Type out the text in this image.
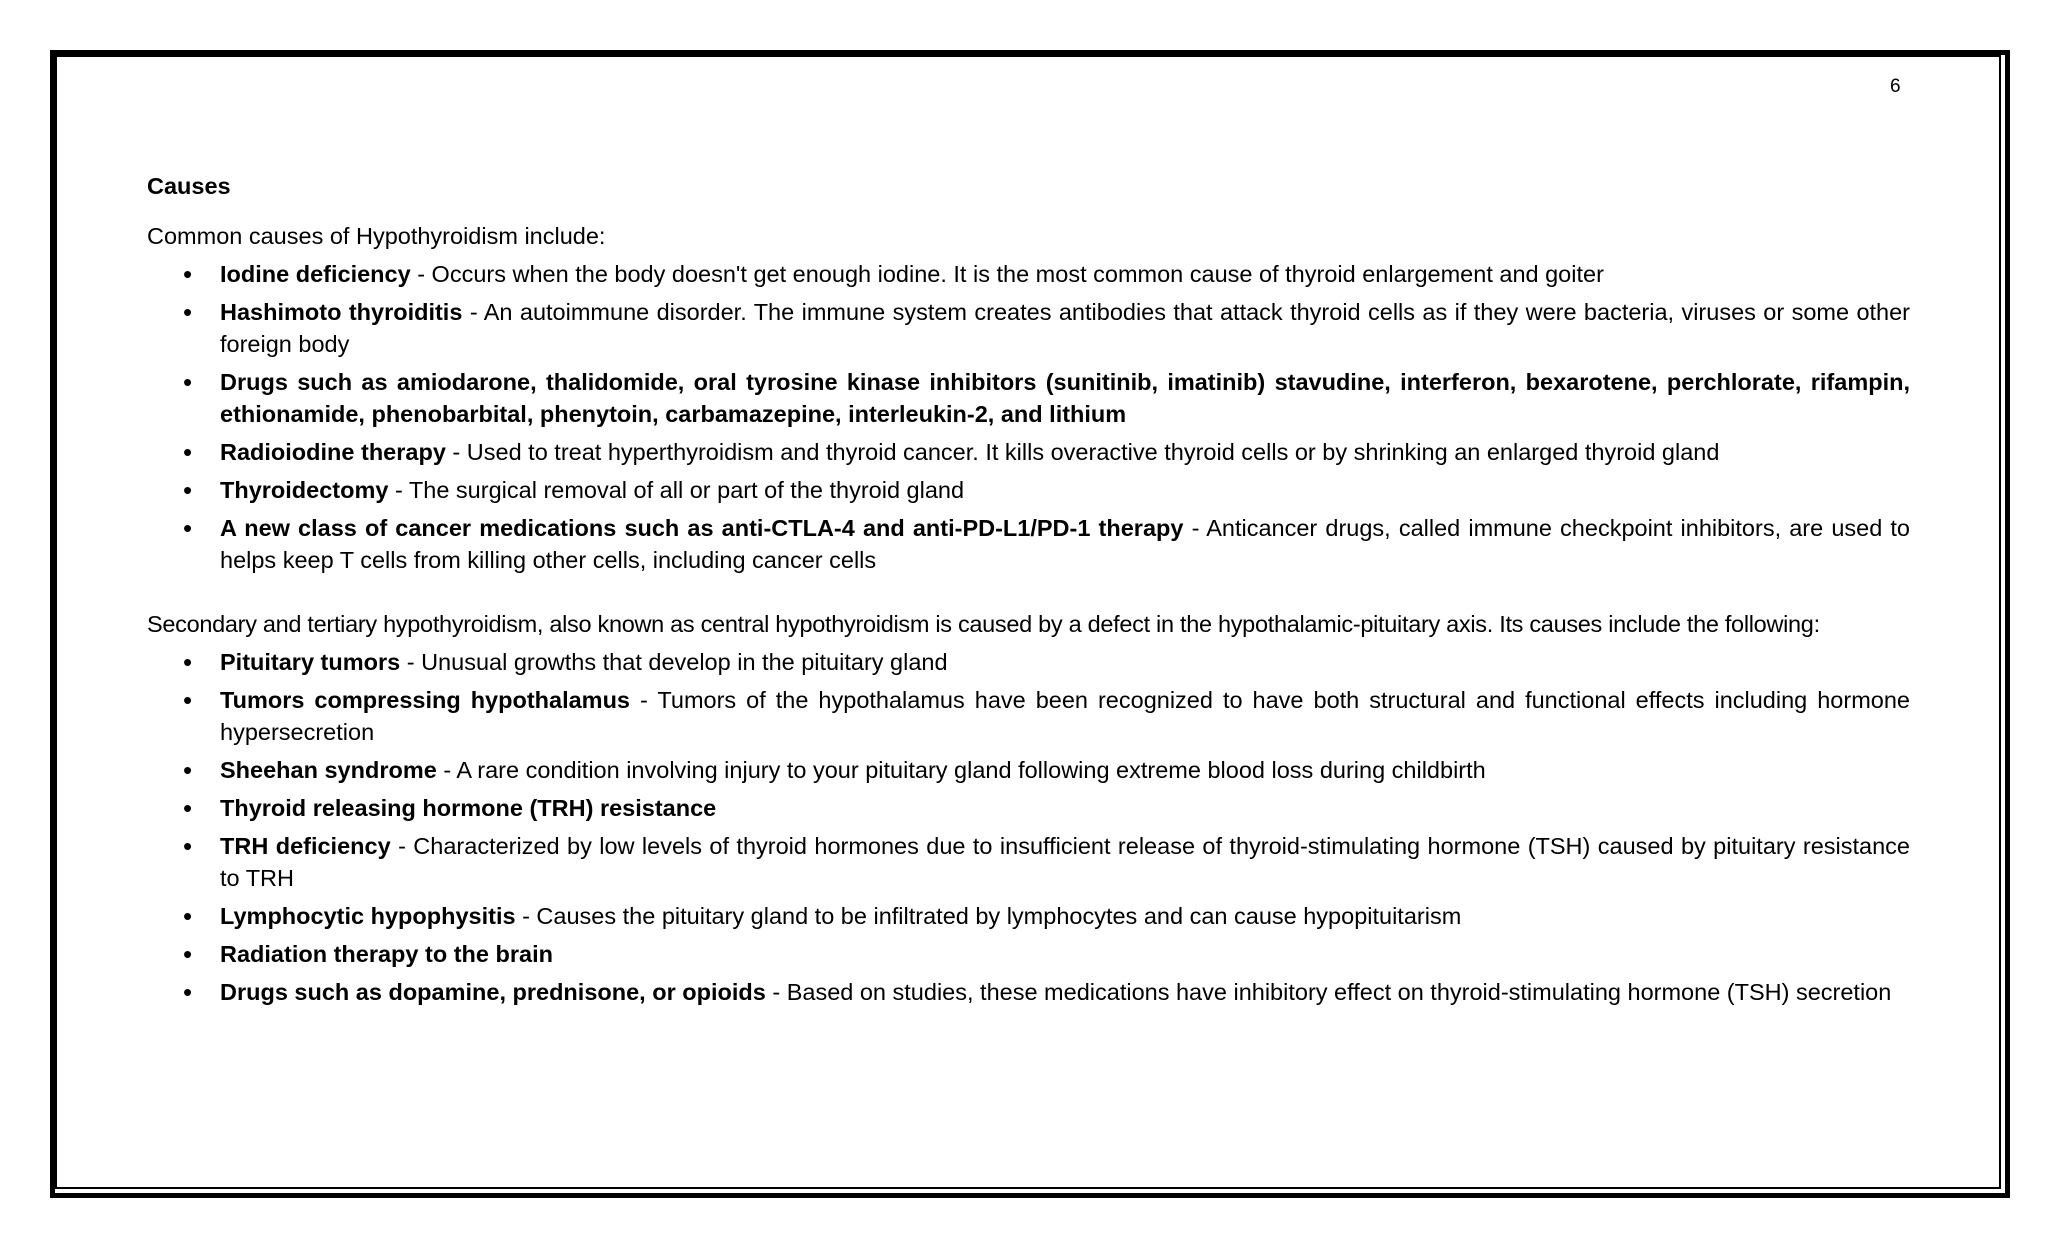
6
Causes
Common causes of Hypothyroidism include:
• Iodine deficiency - Occurs when the body doesn't get enough iodine. It is the most common cause of thyroid enlargement and goiter
• Hashimoto thyroiditis - An autoimmune disorder. The immune system creates antibodies that attack thyroid cells as if they were bacteria, viruses or some other foreign body
• Drugs such as amiodarone, thalidomide, oral tyrosine kinase inhibitors (sunitinib, imatinib) stavudine, interferon, bexarotene, perchlorate, rifampin, ethionamide, phenobarbital, phenytoin, carbamazepine, interleukin-2, and lithium
• Radioiodine therapy - Used to treat hyperthyroidism and thyroid cancer. It kills overactive thyroid cells or by shrinking an enlarged thyroid gland
• Thyroidectomy - The surgical removal of all or part of the thyroid gland
• A new class of cancer medications such as anti-CTLA-4 and anti-PD-L1/PD-1 therapy - Anticancer drugs, called immune checkpoint inhibitors, are used to helps keep T cells from killing other cells, including cancer cells
Secondary and tertiary hypothyroidism, also known as central hypothyroidism is caused by a defect in the hypothalamic-pituitary axis. Its causes include the following:
• Pituitary tumors - Unusual growths that develop in the pituitary gland
• Tumors compressing hypothalamus - Tumors of the hypothalamus have been recognized to have both structural and functional effects including hormone hypersecretion
• Sheehan syndrome - A rare condition involving injury to your pituitary gland following extreme blood loss during childbirth
• Thyroid releasing hormone (TRH) resistance
• TRH deficiency - Characterized by low levels of thyroid hormones due to insufficient release of thyroid-stimulating hormone (TSH) caused by pituitary resistance to TRH
• Lymphocytic hypophysitis - Causes the pituitary gland to be infiltrated by lymphocytes and can cause hypopituitarism
• Radiation therapy to the brain
• Drugs such as dopamine, prednisone, or opioids - Based on studies, these medications have inhibitory effect on thyroid-stimulating hormone (TSH) secretion
